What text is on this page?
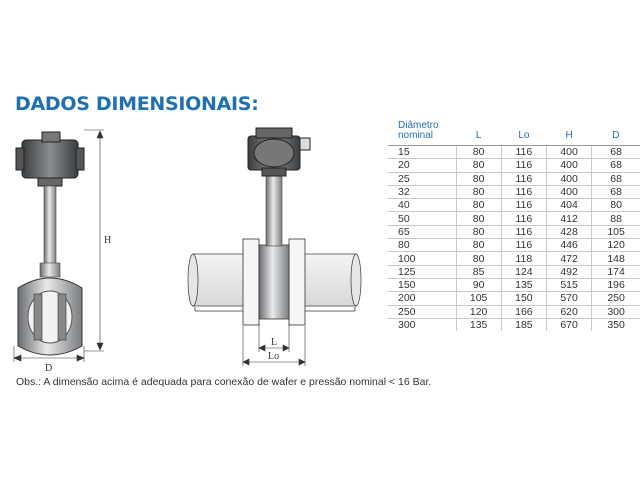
DADOS DIMENSIONAIS:
H
D
L
Lo
Diâmetro nominal	L	Lo	H	D
15	80	116	400	68
20	80	116	400	68
25	80	116	400	68
32	80	116	400	68
40	80	116	404	80
50	80	116	412	88
65	80	116	428	105
80	80	116	446	120
100	80	118	472	148
125	85	124	492	174
150	90	135	515	196
200	105	150	570	250
250	120	166	620	300
300	135	185	670	350

Obs.: A dimensão acima é adequada para conexão de wafer e pressão nominal < 16 Bar.
